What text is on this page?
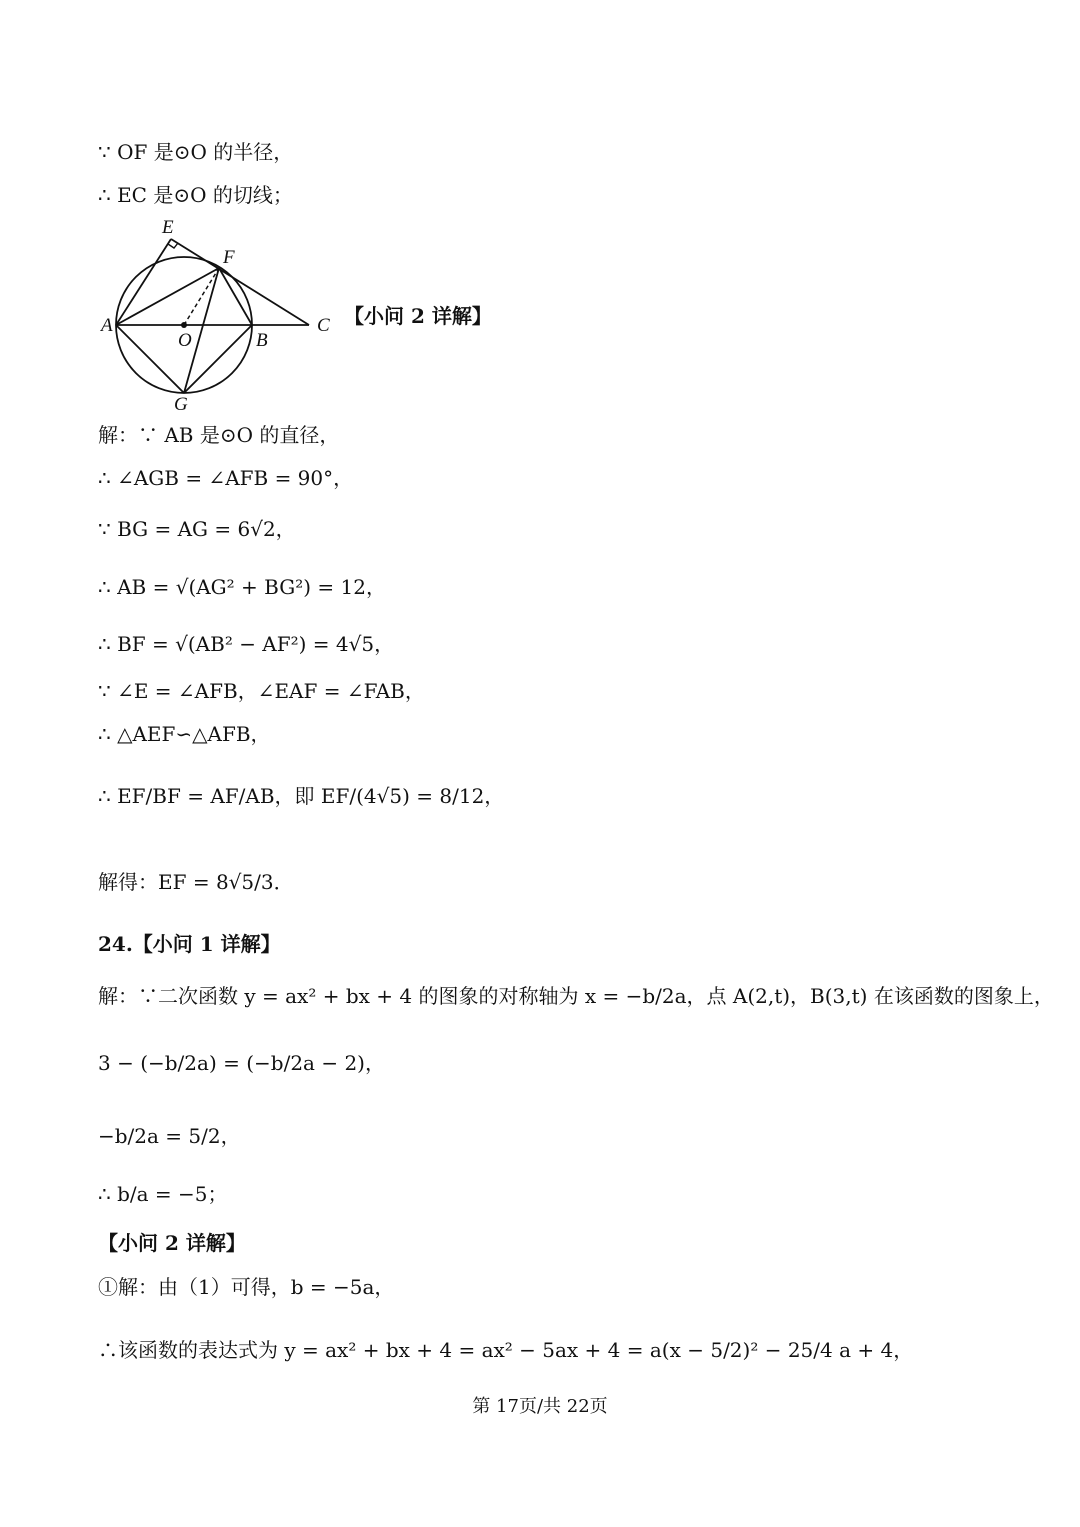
∵ OF 是⊙O 的半径，
∴ EC 是⊙O 的切线；
E
F
A
O	B
C
G
【小问 2 详解】
解：∵ AB 是⊙O 的直径，
∴ ∠AGB = ∠AFB = 90°，
∵ BG = AG = 6√2，
∴ AB = √(AG² + BG²) = 12，
∴ BF = √(AB² − AF²) = 4√5，
∵ ∠E = ∠AFB，∠EAF = ∠FAB，
∴ △AEF∽△AFB，
∴ EF/BF = AF/AB，即 EF/(4√5) = 8/12，
解得：EF = 8√5/3．
24.【小问 1 详解】
解：∵二次函数 y = ax² + bx + 4 的图象的对称轴为 x = −b/2a，点 A(2,t)，B(3,t) 在该函数的图象上，
3 − (−b/2a) = (−b/2a − 2)，
−b/2a = 5/2，
∴ b/a = −5；
【小问 2 详解】
①解：由（1）可得，b = −5a，
∴该函数的表达式为 y = ax² + bx + 4 = ax² − 5ax + 4 = a(x − 5/2)² − 25/4 a + 4，
第 17页/共 22页
